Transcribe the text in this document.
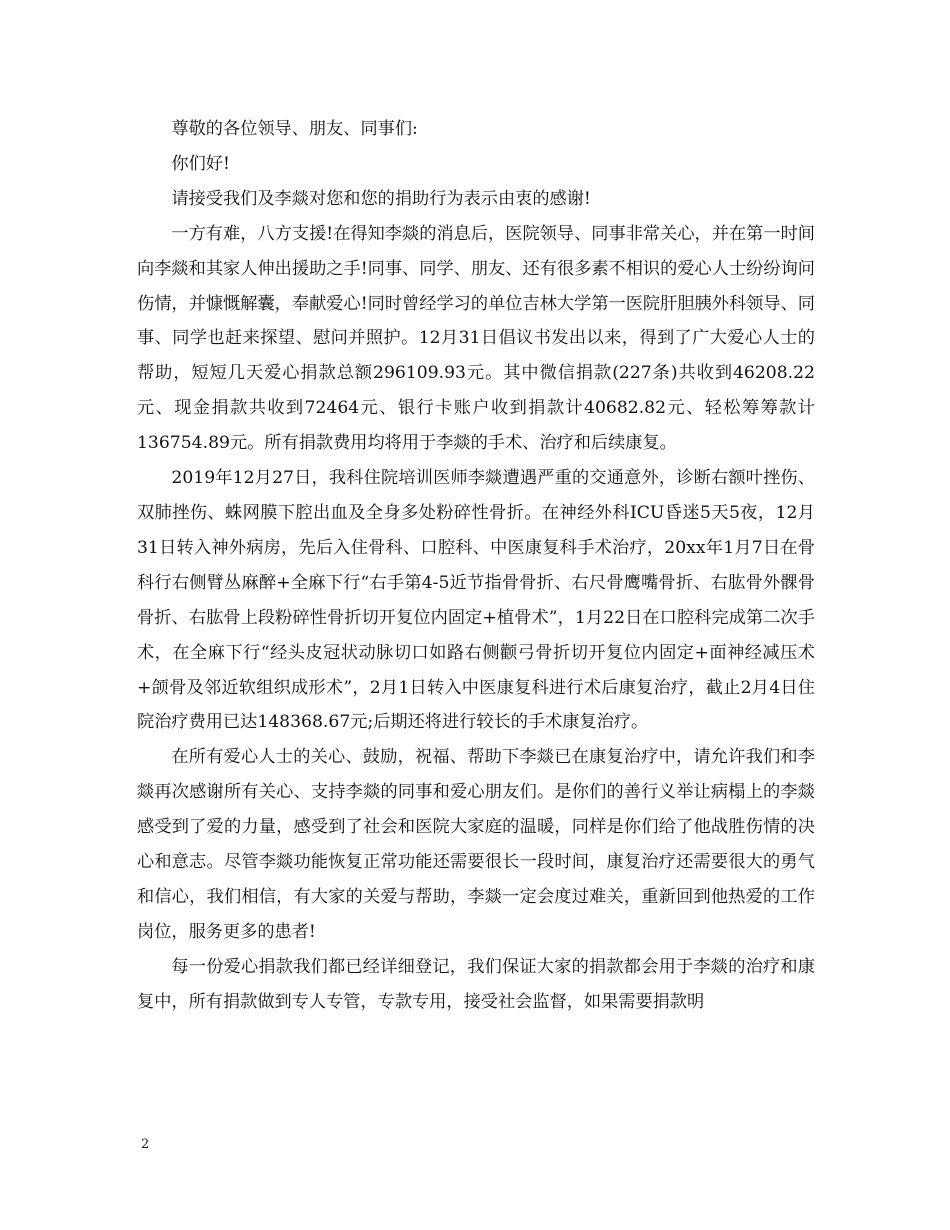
尊敬的各位领导、朋友、同事们:

你们好!

请接受我们及李燚对您和您的捐助行为表示由衷的感谢!

一方有难，八方支援!在得知李燚的消息后，医院领导、同事非常关心，并在第一时间向李燚和其家人伸出援助之手!同事、同学、朋友、还有很多素不相识的爱心人士纷纷询问伤情，并慷慨解囊，奉献爱心!同时曾经学习的单位吉林大学第一医院肝胆胰外科领导、同事、同学也赶来探望、慰问并照护。12月31日倡议书发出以来，得到了广大爱心人士的帮助，短短几天爱心捐款总额296109.93元。其中微信捐款(227条)共收到46208.22元、现金捐款共收到72464元、银行卡账户收到捐款计40682.82元、轻松筹筹款计136754.89元。所有捐款费用均将用于李燚的手术、治疗和后续康复。

2019年12月27日，我科住院培训医师李燚遭遇严重的交通意外，诊断右额叶挫伤、双肺挫伤、蛛网膜下腔出血及全身多处粉碎性骨折。在神经外科ICU昏迷5天5夜，12月31日转入神外病房，先后入住骨科、口腔科、中医康复科手术治疗，20xx年1月7日在骨科行右侧臂丛麻醉+全麻下行“右手第4-5近节指骨骨折、右尺骨鹰嘴骨折、右肱骨外髁骨骨折、右肱骨上段粉碎性骨折切开复位内固定+植骨术”，1月22日在口腔科完成第二次手术，在全麻下行“经头皮冠状动脉切口如路右侧颧弓骨折切开复位内固定+面神经减压术+颌骨及邻近软组织成形术”，2月1日转入中医康复科进行术后康复治疗，截止2月4日住院治疗费用已达148368.67元;后期还将进行较长的手术康复治疗。

在所有爱心人士的关心、鼓励，祝福、帮助下李燚已在康复治疗中，请允许我们和李燚再次感谢所有关心、支持李燚的同事和爱心朋友们。是你们的善行义举让病榻上的李燚感受到了爱的力量，感受到了社会和医院大家庭的温暖，同样是你们给了他战胜伤情的决心和意志。尽管李燚功能恢复正常功能还需要很长一段时间，康复治疗还需要很大的勇气和信心，我们相信，有大家的关爱与帮助，李燚一定会度过难关，重新回到他热爱的工作岗位，服务更多的患者!

每一份爱心捐款我们都已经详细登记，我们保证大家的捐款都会用于李燚的治疗和康复中，所有捐款做到专人专管，专款专用，接受社会监督，如果需要捐款明

2
